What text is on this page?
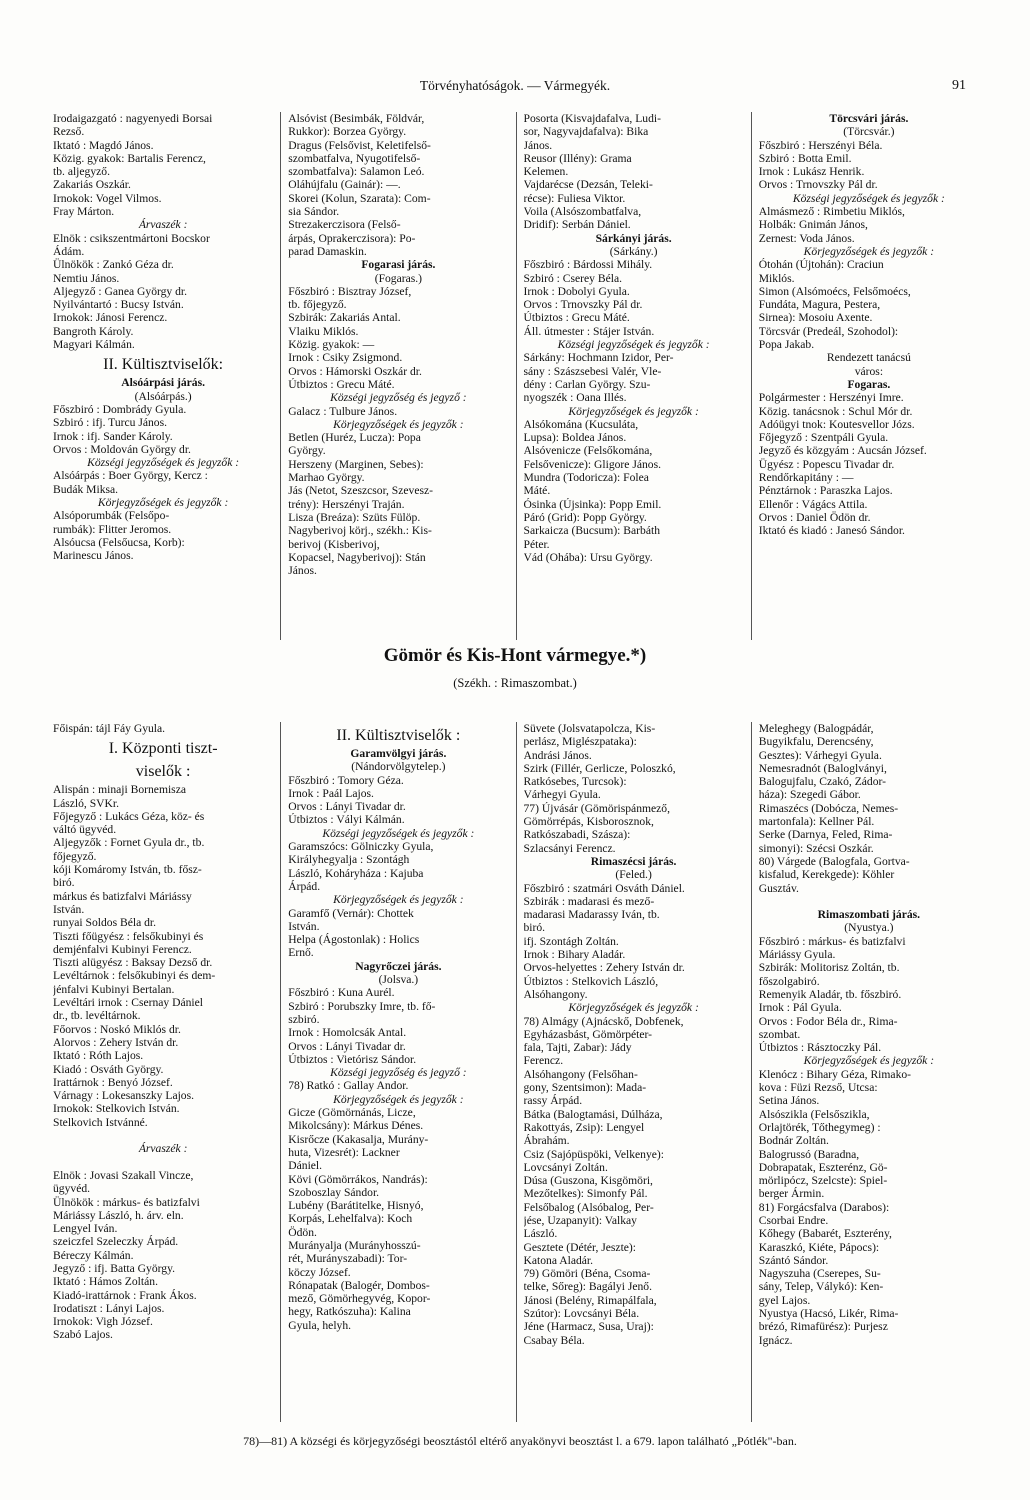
Törvényhatóságok. — Vármegyék.	91
Irodaigazgató : nagyenyedi Borsai
Rezső.
Iktató : Magdó János.
Közig. gyakok: Bartalis Ferencz,
tb. aljegyző.
Zakariás Oszkár.
Irnokok: Vogel Vilmos.
Fray Márton.
Árvaszék :
Elnök : csikszentmártoni Bocskor
Ádám.
Ülnökök : Zankó Géza dr.
Nemtiu János.
Aljegyző : Ganea György dr.
Nyilvántartó : Bucsy István.
Irnokok: Jánosi Ferencz.
Bangroth Károly.
Magyari Kálmán.
II. Kültisztviselők:
Alsóárpási járás.
(Alsóárpás.)
Főszbiró : Dombrády Gyula.
Szbiró : ifj. Turcu János.
Irnok : ifj. Sander Károly.
Orvos : Moldován György dr.
Községi jegyzőségek és jegyzők :
Alsóárpás : Boer György, Kercz :
Budák Miksa.
Körjegyzőségek és jegyzők :
Alsóporumbák (Felsőpo-
rumbák): Flitter Jeromos.
Alsóucsa (Felsőucsa, Korb):
Marinescu János.
Alsóvist (Besimbák, Földvár,
Rukkor): Borzea György.
Dragus (Felsővist, Keletifelső-
szombatfalva, Nyugotifelső-
szombatfalva): Salamon Leó.
Oláhújfalu (Gainár): —.
Skorei (Kolun, Szarata): Com-
sia Sándor.
Strezakerczisora (Felső-
árpás, Oprakerczisora): Po-
parad Damaskin.
Fogarasi járás.
(Fogaras.)
Főszbiró : Bisztray József,
tb. főjegyző.
Szbirák: Zakariás Antal.
Vlaiku Miklós.
Közig. gyakok: —
Irnok : Csiky Zsigmond.
Orvos : Hámorski Oszkár dr.
Útbiztos : Grecu Máté.
Községi jegyzőség és jegyző :
Galacz : Tulbure János.
Körjegyzőségek és jegyzők :
Betlen (Huréz, Lucza): Popa
György.
Herszeny (Marginen, Sebes):
Marhao György.
Jás (Netot, Szeszcsor, Szevesz-
trény): Herszényi Traján.
Lisza (Breáza): Szüts Fülöp.
Nagyberivoj körj., székh.: Kis-
berivoj (Kisberivoj,
Kopacsel, Nagyberivoj): Stán
János.
Posorta (Kisvajdafalva, Ludi-
sor, Nagyvajdafalva): Bika
János.
Reusor (Illény): Grama
Kelemen.
Vajdarécse (Dezsán, Teleki-
récse): Fuliesa Viktor.
Voila (Alsószombatfalva,
Dridif): Serbán Dániel.
Sárkányi járás.
(Sárkány.)
Főszbiró : Bárdossi Mihály.
Szbiró : Cserey Béla.
Irnok : Dobolyi Gyula.
Orvos : Trnovszky Pál dr.
Útbiztos : Grecu Máté.
Áll. útmester : Stájer István.
Községi jegyzőségek és jegyzők :
Sárkány: Hochmann Izidor, Per-
sány : Szászsebesi Valér, Vle-
dény : Carlan György. Szu-
nyogszék : Oana Illés.
Körjegyzőségek és jegyzők :
Alsókomána (Kucsuláta,
Lupsa): Boldea János.
Alsóvenicze (Felsőkomána,
Felsővenicze): Gligore János.
Mundra (Todoricza): Folea
Máté.
Ósinka (Újsinka): Popp Emil.
Páró (Grid): Popp György.
Sarkaicza (Bucsum): Barbáth
Péter.
Vád (Ohába): Ursu György.
Törcsvári járás.
(Törcsvár.)
Főszbiró : Herszényi Béla.
Szbiró : Botta Emil.
Irnok : Lukász Henrik.
Orvos : Trnovszky Pál dr.
Községi jegyzőségek és jegyzők :
Almásmező : Rimbetiu Miklós,
Holbák: Gnimán János,
Zernest: Voda János.
Körjegyzőségek és jegyzők :
Ótohán (Újtohán): Craciun
Miklós.
Simon (Alsómoécs, Felsőmoécs,
Fundáta, Magura, Pestera,
Sirnea): Mosoiu Axente.
Törcsvár (Predeál, Szohodol):
Popa Jakab.
Rendezett tanácsú
város:
Fogaras.
Polgármester : Herszényi Imre.
Közig. tanácsnok : Schul Mór dr.
Adóügyi tnok: Koutesvellor Józs.
Főjegyző : Szentpáli Gyula.
Jegyző és közgyám : Aucsán József.
Ügyész : Popescu Tivadar dr.
Rendőrkapitány : —
Pénztárnok : Paraszka Lajos.
Ellenőr : Vágács Attila.
Orvos : Daniel Ödön dr.
Iktató és kiadó : Janesó Sándor.
Gömör és Kis-Hont vármegye.*)
(Székh. : Rimaszombat.)
Főispán: tájl Fáy Gyula.
I. Központi tiszt-
viselők :
Alispán : minaji Bornemisza
László, SVKr.
Főjegyző : Lukács Géza, köz- és
váltó ügyvéd.
Aljegyzők : Fornet Gyula dr., tb.
főjegyző.
kóji Komáromy István, tb. fősz-
biró.
márkus és batizfalvi Máriássy
István.
runyai Soldos Béla dr.
Tiszti főügyész : felsőkubinyi és
demjénfalvi Kubinyi Ferencz.
Tiszti alügyész : Baksay Dezső dr.
Levéltárnok : felsőkubinyi és dem-
jénfalvi Kubinyi Bertalan.
Levéltári irnok : Csernay Dániel
dr., tb. levéltárnok.
Főorvos : Noskó Miklós dr.
Alorvos : Zehery István dr.
Iktató : Róth Lajos.
Kiadó : Osváth György.
Irattárnok : Benyó József.
Várnagy : Lokesanszky Lajos.
Irnokok: Stelkovich István.
Stelkovich Istvánné.

Árvaszék :

Elnök : Jovasi Szakall Vincze,
ügyvéd.
Ülnökök : márkus- és batizfalvi
Máriássy László, h. árv. eln.
Lengyel Iván.
szeiczfel Szeleczky Árpád.
Béreczy Kálmán.
Jegyző : ifj. Batta György.
Iktató : Hámos Zoltán.
Kiadó-irattárnok : Frank Ákos.
Irodatiszt : Lányi Lajos.
Irnokok: Vigh József.
Szabó Lajos.
II. Kültisztviselők :
Garamvölgyi járás.
(Nándorvölgytelep.)
Főszbiró : Tomory Géza.
Irnok : Paál Lajos.
Orvos : Lányi Tivadar dr.
Útbiztos : Vályi Kálmán.
Községi jegyzőségek és jegyzők :
Garamszócs: Gölniczky Gyula,
Királyhegyalja : Szontágh
László, Koháryháza : Kajuba
Árpád.
Körjegyzőségek és jegyzők :
Garamfő (Vernár): Chottek
István.
Helpa (Ágostonlak) : Holics
Ernő.
Nagyrőczei járás.
(Jolsva.)
Főszbiró : Kuna Aurél.
Szbiró : Porubszky Imre, tb. fő-
szbiró.
Irnok : Homolcsák Antal.
Orvos : Lányi Tivadar dr.
Útbiztos : Vietórisz Sándor.
Községi jegyzőség és jegyző :
78) Ratkó : Gallay Andor.
Körjegyzőségek és jegyzők :
Gicze (Gömörnánás, Licze,
Mikolcsány): Márkus Dénes.
Kisrőcze (Kakasalja, Murány-
huta, Vizesrét): Lackner
Dániel.
Kövi (Gömörrákos, Nandrás):
Szoboszlay Sándor.
Lubény (Barátitelke, Hisnyó,
Korpás, Lehelfalva): Koch
Ödön.
Murányalja (Murányhosszú-
rét, Murányszabadi): Tor-
köczy József.
Rónapatak (Balogér, Dombos-
mező, Gömörhegyvég, Kopor-
hegy, Ratkószuha): Kalina
Gyula, helyh.
Süvete (Jolsvatapolcza, Kis-
perlász, Miglészpataka):
Andrási János.
Szirk (Fillér, Gerlicze, Poloszkó,
Ratkósebes, Turcsok):
Várhegyi Gyula.
77) Újvásár (Gömörispánmező,
Gömörrépás, Kisborosznok,
Ratkószabadi, Szászа):
Szlacsányi Ferencz.
Rimaszécsi járás.
(Feled.)
Főszbiró : szatmári Osváth Dániel.
Szbirák : madarasi és mező-
madarasi Madarassy Iván, tb.
biró.
ifj. Szontágh Zoltán.
Irnok : Bihary Aladár.
Orvos-helyettes : Zehery István dr.
Útbiztos : Stelkovich László,
Alsóhangony.
Körjegyzőségek és jegyzők :
78) Almágy (Ajnácskő, Dobfenek,
Egyházasbást, Gömörpéter-
fala, Tajti, Zabar): Jády
Ferencz.
Alsóhangony (Felsőhan-
gony, Szentsimon): Mada-
rassy Árpád.
Bátka (Balogtamási, Dúlháza,
Rakottyás, Zsip): Lengyel
Ábrahám.
Csiz (Sajópüspöki, Velkenye):
Lovcsányi Zoltán.
Dúsa (Guszona, Kisgömöri,
Mezőtelkes): Simonfy Pál.
Felsőbalog (Alsóbalog, Per-
jése, Uzapanyit): Valkay
László.
Gesztete (Détér, Jeszte):
Katona Aladár.
79) Gömöri (Béna, Csoma-
telke, Sőreg): Bagályi Jenő.
Jánosi (Belény, Rimapálfala,
Szútor): Lovcsányi Béla.
Jéne (Harmacz, Susa, Uraj):
Csabay Béla.
Meleghegy (Balogpádár,
Bugyikfalu, Derencsény,
Gesztes): Várhegyi Gyula.
Nemesradnót (Baloglványi,
Balogujfalu, Czakó, Zádor-
háza): Szegedi Gábor.
Rimaszécs (Dobócza, Nemes-
martonfala): Kellner Pál.
Serke (Darnya, Feled, Rima-
simonyi): Szécsi Oszkár.
80) Várgede (Balogfala, Gortva-
kisfalud, Kerekgede): Köhler
Gusztáv.

Rimaszombati járás.
(Nyustya.)
Főszbiró : márkus- és batizfalvi
Máriássy Gyula.
Szbirák: Molitorisz Zoltán, tb.
főszolgabiró.
Remenyik Aladár, tb. főszbiró.
Irnok : Pál Gyula.
Orvos : Fodor Béla dr., Rima-
szombat.
Útbiztos : Rásztoczky Pál.
Körjegyzőségek és jegyzők :
Klenócz : Bihary Géza, Rimako-
kova : Füzi Rezső, Utcsa:
Setina János.
Alsószikla (Felsőszikla,
Orlajtörék, Tőthegymeg) :
Bodnár Zoltán.
Balogrussó (Baradna,
Dobrapatak, Eszterénz, Gö-
mörlipócz, Szelcste): Spiel-
berger Ármin.
81) Forgácsfalva (Darabos):
Csorbai Endre.
Kőhegy (Babarét, Eszterény,
Karaszkó, Kiéte, Pápocs):
Szántó Sándor.
Nagyszuha (Cserepes, Su-
sány, Telep, Válykó): Ken-
gyel Lajos.
Nyustya (Hacsó, Likér, Rima-
brézó, Rimafürész): Purjesz
Ignácz.
78)—81) A községi és körjegyzőségi beosztástól eltérő anyakönyvi beosztást l. a 679. lapon található „Pótlék"-ban.
